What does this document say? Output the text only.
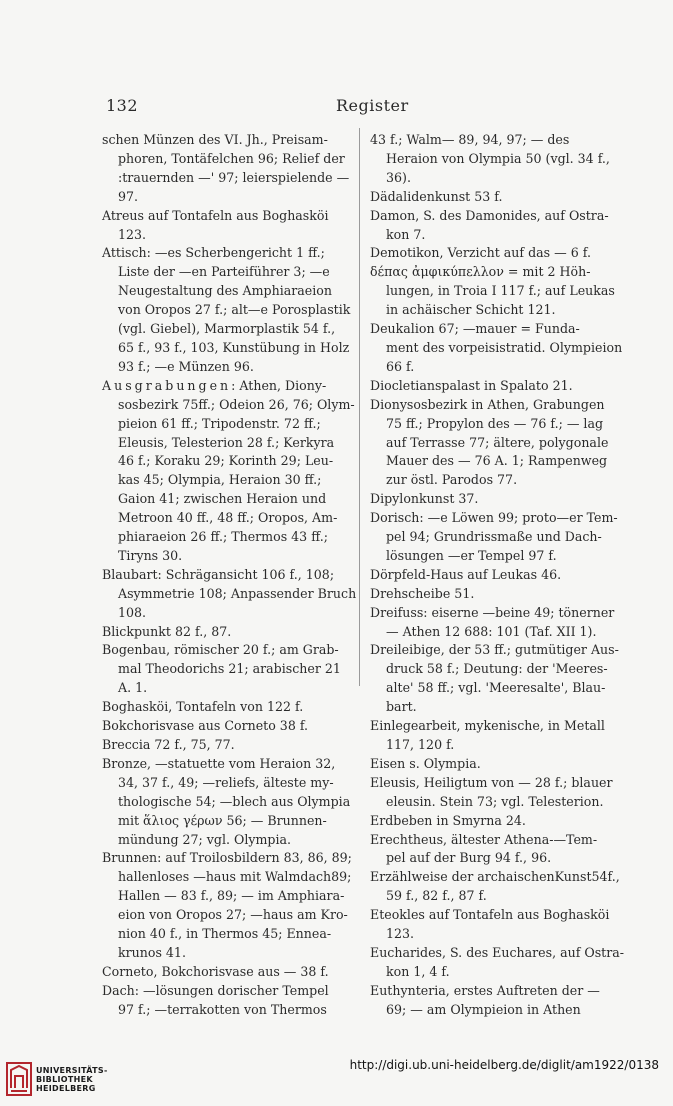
132	Register
schen Münzen des VI. Jh., Preisam-
phoren, Tontäfelchen 96; Relief der
:trauernden —' 97; leierspielende —
97.
Atreus auf Tontafeln aus Boghasköi
123.
Attisch: —es Scherbengericht 1 ff.;
Liste der —en Parteiführer 3; —e
Neugestaltung des Amphiaraeion
von Oropos 27 f.; alt—e Porosplastik
(vgl. Giebel), Marmorplastik 54 f.,
65 f., 93 f., 103, Kunstübung in Holz
93 f.; —e Münzen 96.
Ausgrabungen: Athen, Diony-
sosbezirk 75ff.; Odeion 26, 76; Olym-
pieion 61 ff.; Tripodenstr. 72 ff.;
Eleusis, Telesterion 28 f.; Kerkyra
46 f.; Koraku 29; Korinth 29; Leu-
kas 45; Olympia, Heraion 30 ff.;
Gaion 41; zwischen Heraion und
Metroon 40 ff., 48 ff.; Oropos, Am-
phiaraeion 26 ff.; Thermos 43 ff.;
Tiryns 30.
Blaubart: Schrägansicht 106 f., 108;
Asymmetrie 108; Anpassender Bruch
108.
Blickpunkt 82 f., 87.
Bogenbau, römischer 20 f.; am Grab-
mal Theodorichs 21; arabischer 21
A. 1.
Boghasköi, Tontafeln von 122 f.
Bokchorisvase aus Corneto 38 f.
Breccia 72 f., 75, 77.
Bronze, —statuette vom Heraion 32,
34, 37 f., 49; —reliefs, älteste my-
thologische 54; —blech aus Olympia
mit ἅλιος γέρων 56; — Brunnen-
mündung 27; vgl. Olympia.
Brunnen: auf Troilosbildern 83, 86, 89;
hallenloses —haus mit Walmdach89;
Hallen — 83 f., 89; — im Amphiara-
eion von Oropos 27; —haus am Kro-
nion 40 f., in Thermos 45; Ennea-
krunos 41.
Corneto, Bokchorisvase aus — 38 f.
Dach: —lösungen dorischer Tempel
97 f.; —terrakotten von Thermos
43 f.; Walm— 89, 94, 97; — des
Heraion von Olympia 50 (vgl. 34 f.,
36).
Dädalidenkunst 53 f.
Damon, S. des Damonides, auf Ostra-
kon 7.
Demotikon, Verzicht auf das — 6 f.
δέπας ἀμφικύπελλον = mit 2 Höh-
lungen, in Troia I 117 f.; auf Leukas
in achäischer Schicht 121.
Deukalion 67; —mauer = Funda-
ment des vorpeisistratid. Olympieion
66 f.
Diocletianspalast in Spalato 21.
Dionysosbezirk in Athen, Grabungen
75 ff.; Propylon des — 76 f.; — lag
auf Terrasse 77; ältere, polygonale
Mauer des — 76 A. 1; Rampenweg
zur östl. Parodos 77.
Dipylonkunst 37.
Dorisch: —e Löwen 99; proto—er Tem-
pel 94; Grundrissmaße und Dach-
lösungen —er Tempel 97 f.
Dörpfeld-Haus auf Leukas 46.
Drehscheibe 51.
Dreifuss: eiserne —beine 49; tönerner
— Athen 12 688: 101 (Taf. XII 1).
Dreileibige, der 53 ff.; gutmütiger Aus-
druck 58 f.; Deutung: der 'Meeres-
alte' 58 ff.; vgl. 'Meeresalte', Blau-
bart.
Einlegearbeit, mykenische, in Metall
117, 120 f.
Eisen s. Olympia.
Eleusis, Heiligtum von — 28 f.; blauer
eleusin. Stein 73; vgl. Telesterion.
Erdbeben in Smyrna 24.
Erechtheus, ältester Athena-—Tem-
pel auf der Burg 94 f., 96.
Erzählweise der archaischenKunst54f.,
59 f., 82 f., 87 f.
Eteokles auf Tontafeln aus Boghasköi
123.
Eucharides, S. des Euchares, auf Ostra-
kon 1, 4 f.
Euthynteria, erstes Auftreten der —
69; — am Olympieion in Athen
UNIVERSITÄTS-
BIBLIOTHEK
HEIDELBERG
http://digi.ub.uni-heidelberg.de/diglit/am1922/0138
